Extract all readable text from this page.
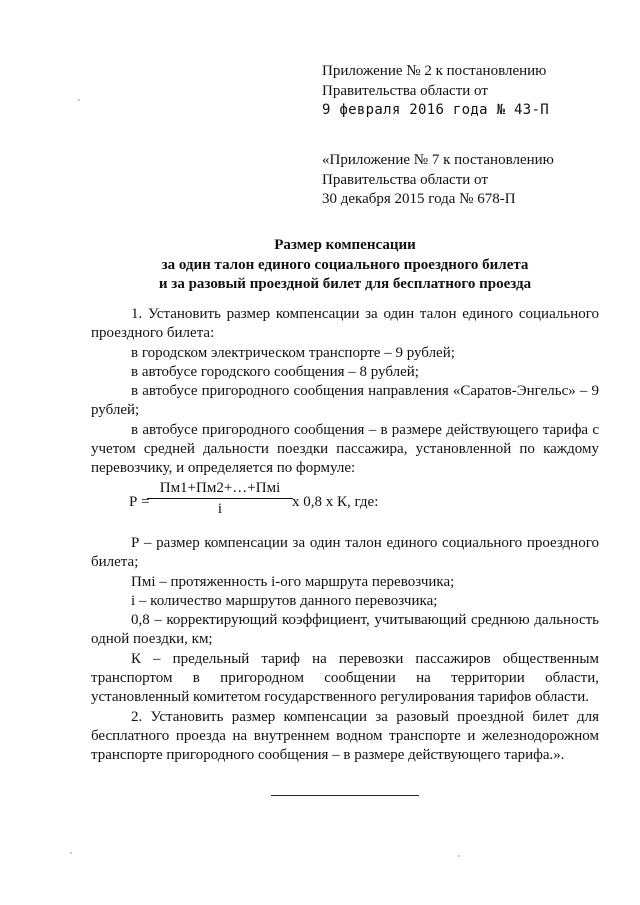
Приложение № 2 к постановлению
Правительства области от
9 февраля 2016 года № 43-П
«Приложение № 7 к постановлению
Правительства области от
30 декабря 2015 года № 678-П
Размер компенсации
за один талон единого социального проездного билета
и за разовый проездной билет для бесплатного проезда

1. Установить размер компенсации за один талон единого социального проездного билета:

в городском электрическом транспорте – 9 рублей;

в автобусе городского сообщения – 8 рублей;

в автобусе пригородного сообщения направления «Саратов-Энгельс» – 9 рублей;

в автобусе пригородного сообщения – в размере действующего тарифа с учетом средней дальности поездки пассажира, установленной по каждому перевозчику, и определяется по формуле:

Р =
Пм1+Пм2+…+Пмi
i	х 0,8 х К, где:

Р – размер компенсации за один талон единого социального проездного билета;

Пмi – протяженность i-ого маршрута перевозчика;

i – количество маршрутов данного перевозчика;

0,8 – корректирующий коэффициент, учитывающий среднюю дальность одной поездки, км;

К – предельный тариф на перевозки пассажиров общественным транспортом в пригородном сообщении на территории области, установленный комитетом государственного регулирования тарифов области.

2. Установить размер компенсации за разовый проездной билет для бесплатного проезда на внутреннем водном транспорте и железнодорожном транспорте пригородного сообщения – в размере действующего тарифа.».
